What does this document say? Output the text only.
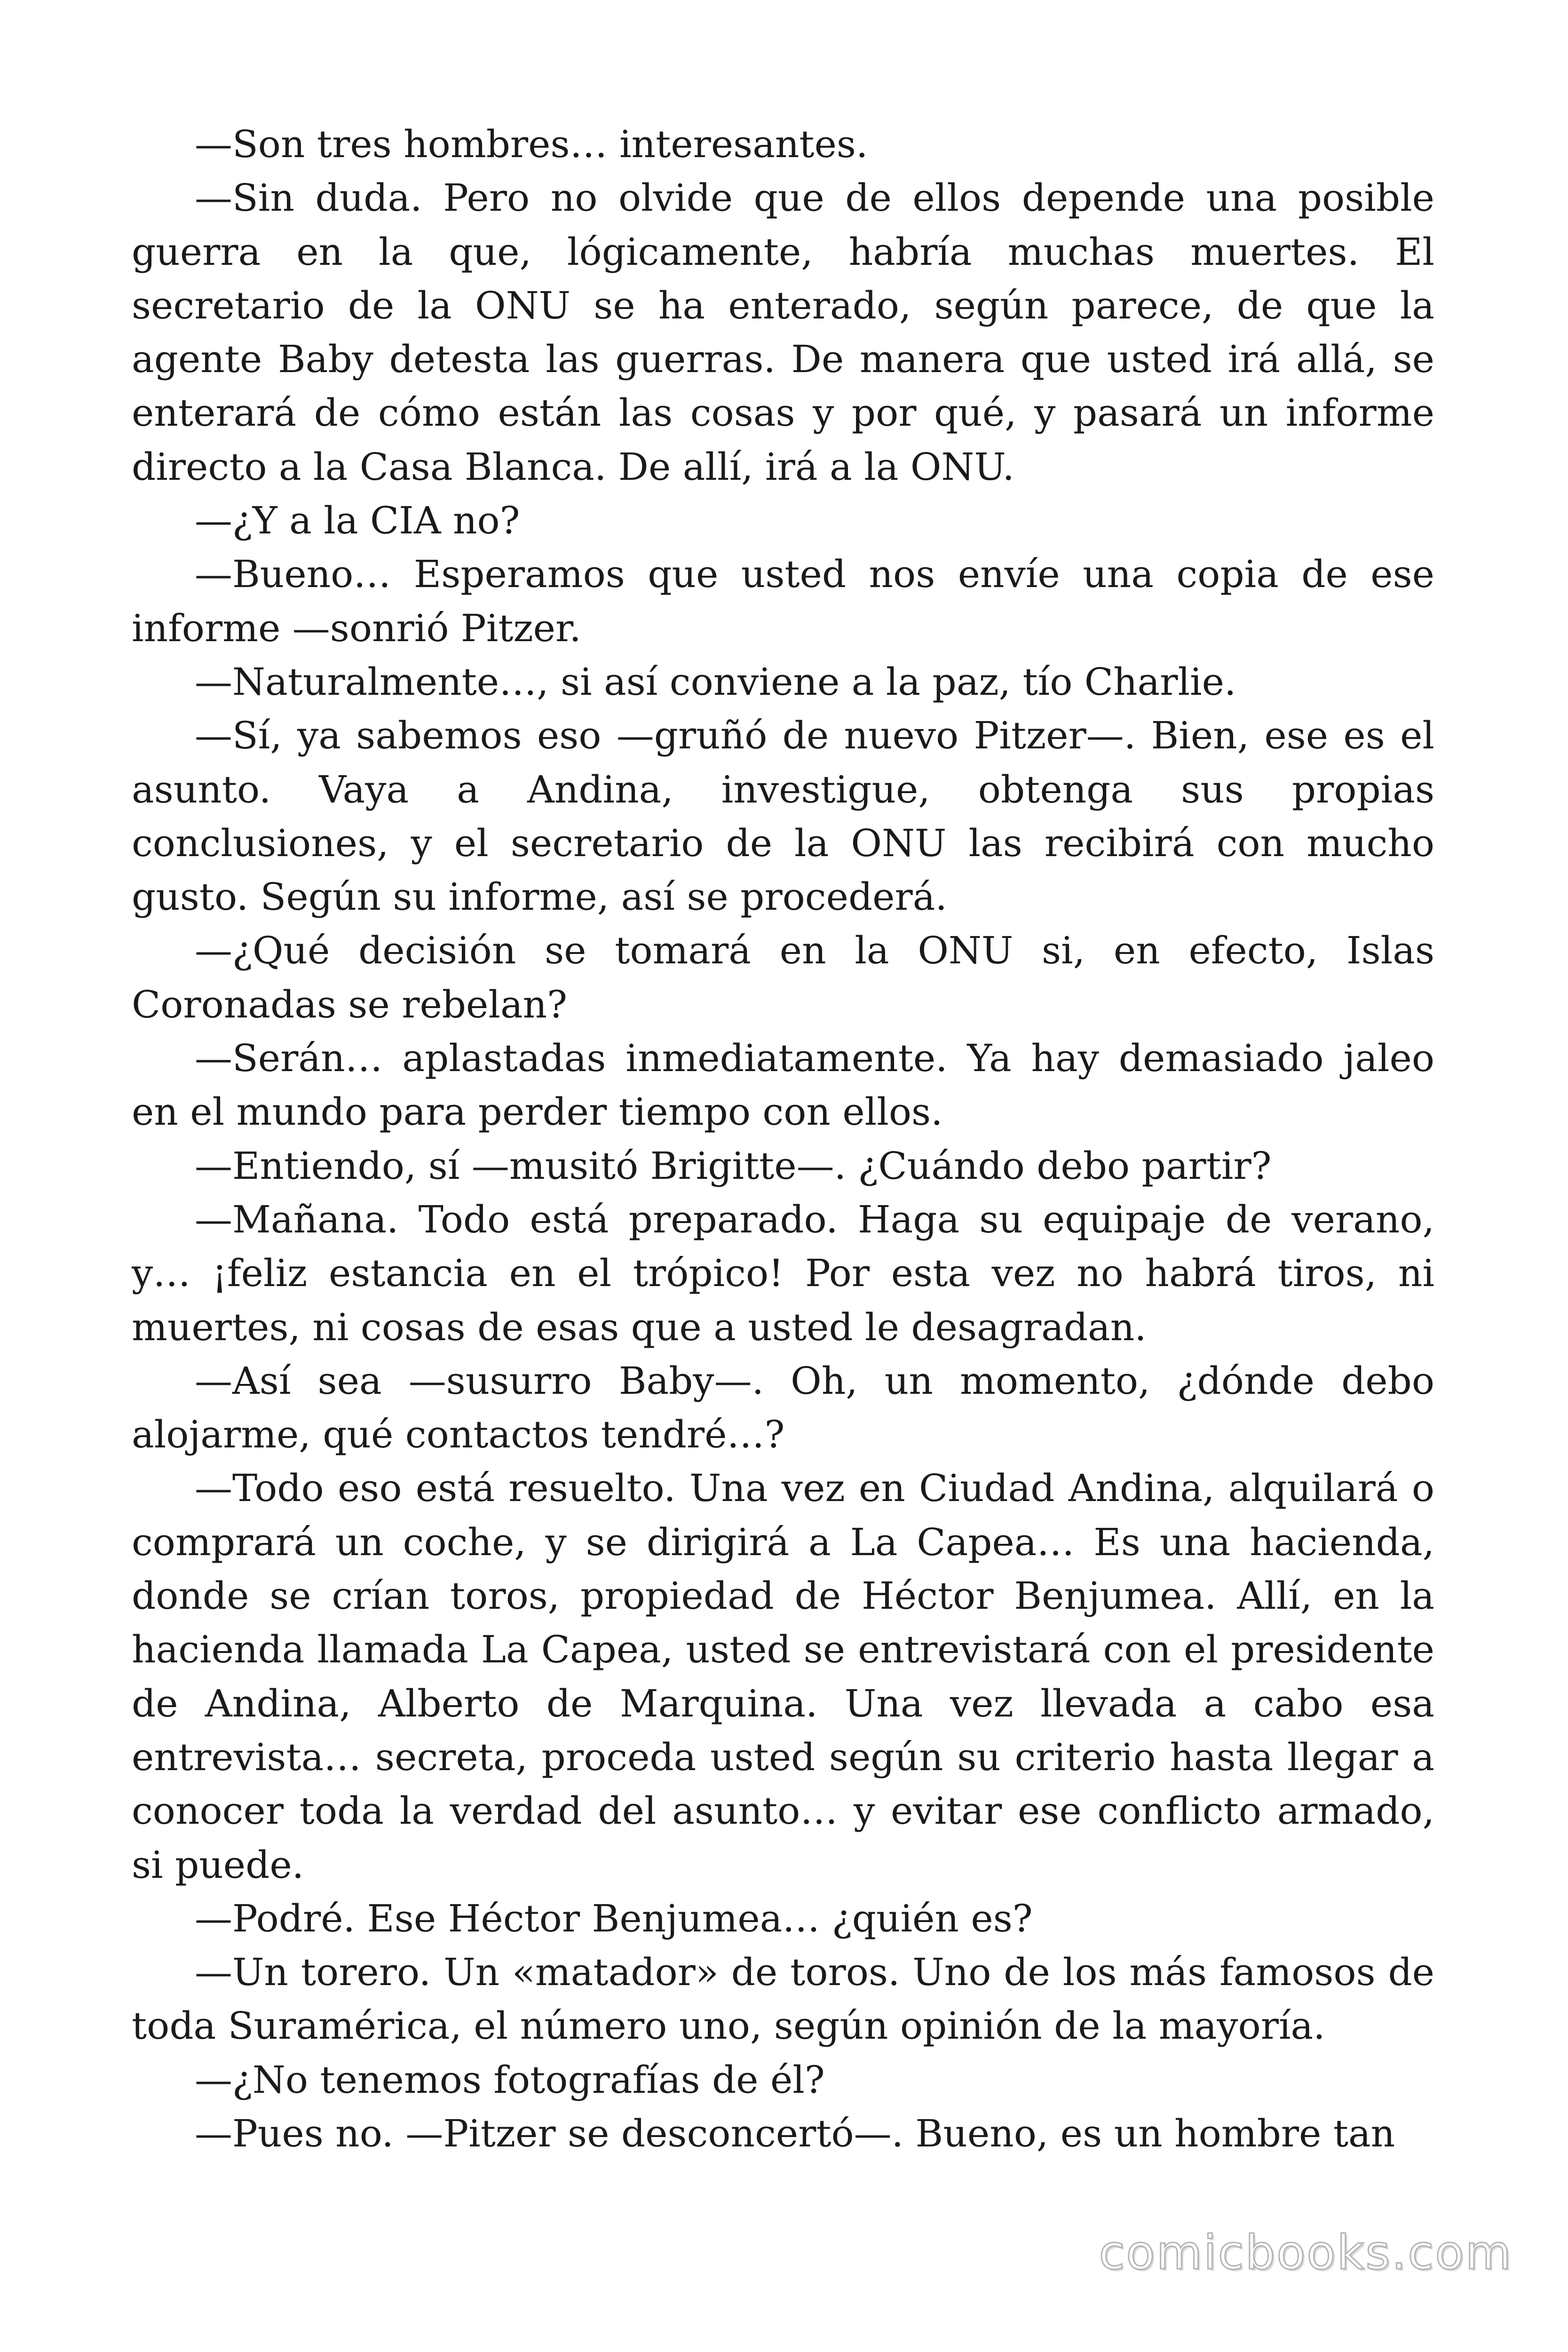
—Son tres hombres… interesantes.

—Sin duda. Pero no olvide que de ellos depende una posible guerra en la que, lógicamente, habría muchas muertes. El secretario de la ONU se ha enterado, según parece, de que la agente Baby detesta las guerras. De manera que usted irá allá, se enterará de cómo están las cosas y por qué, y pasará un informe directo a la Casa Blanca. De allí, irá a la ONU.

—¿Y a la CIA no?

—Bueno… Esperamos que usted nos envíe una copia de ese informe —sonrió Pitzer.

—Naturalmente…, si así conviene a la paz, tío Charlie.

—Sí, ya sabemos eso —gruñó de nuevo Pitzer—. Bien, ese es el asunto. Vaya a Andina, investigue, obtenga sus propias conclusiones, y el secretario de la ONU las recibirá con mucho gusto. Según su informe, así se procederá.

—¿Qué decisión se tomará en la ONU si, en efecto, Islas Coronadas se rebelan?

—Serán… aplastadas inmediatamente. Ya hay demasiado jaleo en el mundo para perder tiempo con ellos.

—Entiendo, sí —musitó Brigitte—. ¿Cuándo debo partir?

—Mañana. Todo está preparado. Haga su equipaje de verano, y… ¡feliz estancia en el trópico! Por esta vez no habrá tiros, ni muertes, ni cosas de esas que a usted le desagradan.

—Así sea —susurro Baby—. Oh, un momento, ¿dónde debo alojarme, qué contactos tendré…?

—Todo eso está resuelto. Una vez en Ciudad Andina, alquilará o comprará un coche, y se dirigirá a La Capea… Es una hacienda, donde se crían toros, propiedad de Héctor Benjumea. Allí, en la hacienda llamada La Capea, usted se entrevistará con el presidente de Andina, Alberto de Marquina. Una vez llevada a cabo esa entrevista… secreta, proceda usted según su criterio hasta llegar a conocer toda la verdad del asunto… y evitar ese conflicto armado, si puede.

—Podré. Ese Héctor Benjumea… ¿quién es?

—Un torero. Un «matador» de toros. Uno de los más famosos de toda Suramérica, el número uno, según opinión de la mayoría.

—¿No tenemos fotografías de él?

—Pues no. —Pitzer se desconcertó—. Bueno, es un hombre tan

comicbooks.com
